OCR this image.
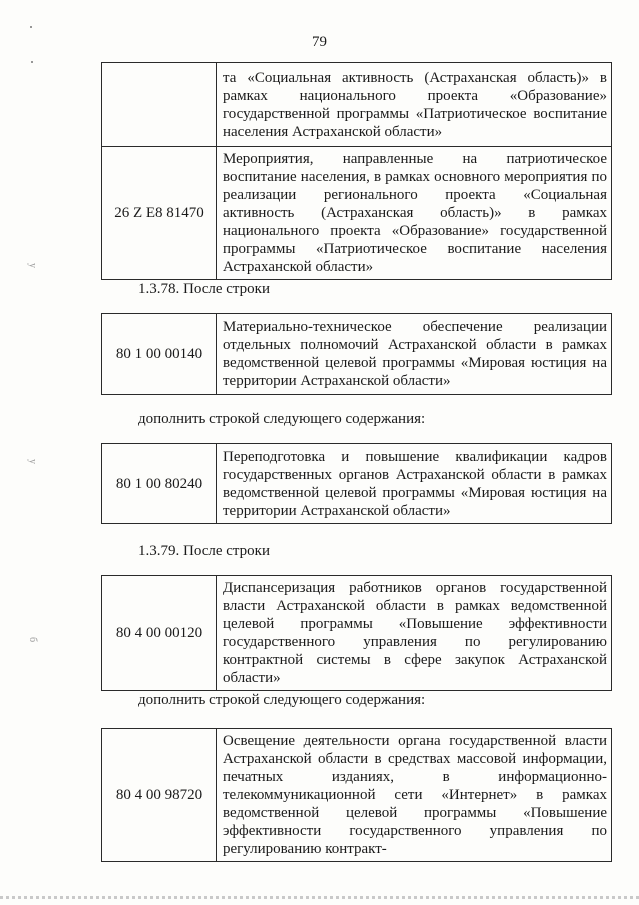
y
у
б
79
	та «Социальная активность (Астраханская область)» в рамках национального проекта «Образование» государственной программы «Патриотическое воспитание населения Астраханской области»
26 Z E8 81470	Мероприятия, направленные на патриотическое воспитание населения, в рамках основного мероприятия по реализации регионального проекта «Социальная активность (Астраханская область)» в рамках национального проекта «Образование» государственной программы «Патриотическое воспитание населения Астраханской области»
1.3.78. После строки
80 1 00 00140	Материально-техническое обеспечение реализации отдельных полномочий Астраханской области в рамках ведомственной целевой программы «Мировая юстиция на территории Астраханской области»
дополнить строкой следующего содержания:
80 1 00 80240	Переподготовка и повышение квалификации кадров государственных органов Астраханской области в рамках ведомственной целевой программы «Мировая юстиция на территории Астраханской области»
1.3.79. После строки
80 4 00 00120	Диспансеризация работников органов государственной власти Астраханской области в рамках ведомственной целевой программы «Повышение эффективности государственного управления по регулированию контрактной системы в сфере закупок Астраханской области»
дополнить строкой следующего содержания:
80 4 00 98720	Освещение деятельности органа государственной власти Астраханской области в средствах массовой информации, печатных изданиях, в информационно-телекоммуникационной сети «Интернет» в рамках ведомственной целевой программы «Повышение эффективности государственного управления по регулированию контракт-
